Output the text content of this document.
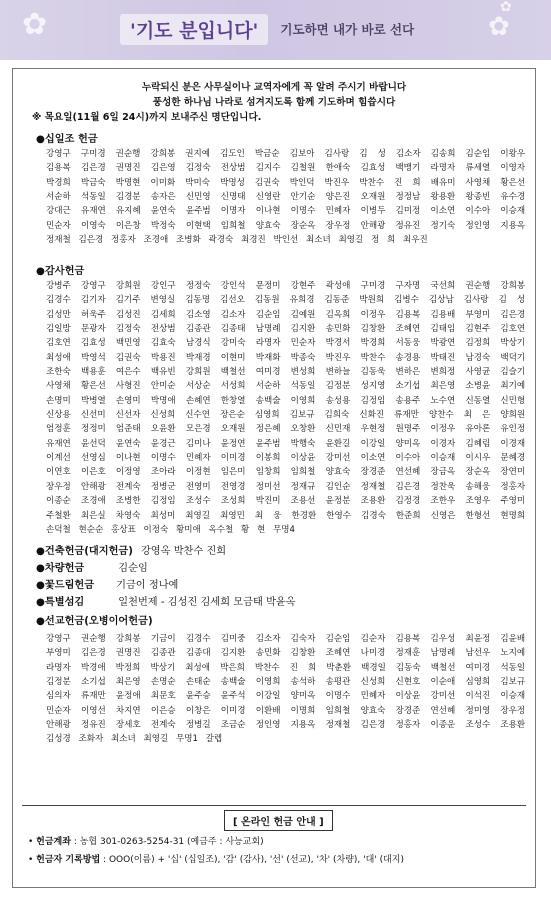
✿	✿
✿
'기도 분입니다'	기도하면 내가 바로 선다
누락되신 분은 사무실이나 교역자에게 꼭 알려 주시기 바랍니다
풍성한 하나님 나라로 섬겨지도록 함께 기도하며 힘씁시다
※ 목요일(11월 6일 24시)까지 보내주신 명단입니다.
●십일조 헌금
강영구 구미경 권순행 강희봉 권지예 김도인 박금순 김보아 김사랑 김 성 김소자 김송희 김순임 이왕우 김용복 김은경 권명진 김은영 김정숙 전상범 김지수 김철원 한애숙 김효성 백맹기 라명자 류세열 이영자 박경희 박금숙 박명현 이미화 박미숙 박명성 김권숙 박인덕 박진우 박찬수 진 희 배유미 사영채 황은선 서순하 석동일 김경분 송자은 신민영 신명태 신영란 안기순 양은진 오재원 정정남 왕용환 왕종빈 유수경 강대근 유재연 유지혜 윤연숙 윤주범 이명자 이나현 이명수 민혜자 이병두 김미정 이소연 이수아 이승재 민순자 이영숙 이은창 박정숙 이현택 임희철 양효숙 장순옥 장우정 안해광 정유진 정기숙 정인영 지용옥 정재철 김은경 정홍자 조경애 조병화 곽경숙 최경진 박인선 최소녀 최영길 정 희 최우진
●감사헌금
강병주 강영구 강희원 강인구 정정숙 강인석 문정미 강현주 곽성애 구미경 구자명 국선희 권순행 강희봉 김경수 김기자 김기주 변영실 김동명 김선오 김동원 유희경 김동준 박원희 김병수 김상남 김사랑 김 성 김성만 허욱주 김성진 김세희 김소영 김소자 김순임 김예원 김옥희 이정우 김용복 김용배 부영미 김은경 김일방 문광자 김정숙 전상범 김종관 김종태 남명례 김지환 송민화 김창환 조혜연 김태임 김현주 김호연 김호연 김효성 백민영 김효숙 남경식 강미숙 라명자 민순자 박경서 박경희 서동웅 박광연 김정희 박상기 최성애 박영석 김권숙 박용진 박재경 이현미 박재화 박종숙 박진우 박찬수 송경용 박태진 남경숙 백덕기 조한숙 백용훈 여은수 백유빈 강희원 백철선 여미경 변성희 변하늘 김동욱 변하은 변희정 사영균 김슬기 사영채 황은선 사형진 안미순 서상순 서성희 서순하 석동일 김정분 성지영 소기섭 최은영 소병윤 최기예 손명미 박병열 손영미 박명애 손혜연 한창열 송백술 이영희 송성용 김정임 송용주 노수연 신동열 신민형 신상용 신선미 신선자 신성희 신수연 장은순 심영희 김보규 김희숙 신화진 류재만 양찬수 최 은 양희원 엄정훈 정정미 엄준태 오윤환 모은경 오재원 정은혜 오창환 신민재 우현정 원명주 이정우 유아론 유인정 유재연 윤선덕 윤연숙 윤경근 김미나 윤정연 윤주범 박행숙 윤환길 이강일 양미옥 이경자 김혜림 이경재 이계선 선영심 이나현 이명수 민혜자 이미경 이봉희 이상윤 강미선 이소연 이수아 이승재 이시우 문혜경 이연호 이은호 이정영 조아라 이정현 임은미 임창희 임희철 양효숙 장경준 연선혜 장금옥 장순옥 장연미 장우정 안해광 전계숙 정병군 전영미 전영경 정미선 정재규 김인순 정재철 김은경 정찬욱 송해웅 정홍자 이종순 조경애 조병한 김정임 조성수 조성희 박진미 조용선 윤정분 조용환 김정경 조한우 조영우 주영미 주철환 최은실 차영숙 최성미 최영길 최영민 최 웅 한경환 한영수 김경숙 한준희 신영은 한형선 현명희 손덕철 현순순 홍상표 이정숙 황미애 옥수철 황 현 무명4
●건축헌금(대지헌금) 강영옥 박찬수 진희
●차량헌금	김순임
●꽃드림헌금 기금이 정나예
●특별섬김	일천번제 - 김성진 김세희 모금태 박윤옥
●선교헌금(오병이어헌금)
강영구 권순행 강희봉 기금이 김경수 김미중 김소자 김숙자 김순임 김순자 김용복 김우성 최윤정 김윤배 부영미 김은경 권명진 김종관 김종대 김지환 송민화 김창환 조혜연 나미경 정재훈 남명례 남선우 노지예 라명자 박경애 박정희 박상기 최성애 박은희 박찬수 진 희 박춘환 백경일 김동숙 백철선 여미경 석동일 김정분 소기섭 최은영 손명순 손태순 송백술 이영희 송석하 송평관 신성희 신현호 이순애 심영희 김보규 심의자 류재만 윤정애 최문호 윤주승 윤주석 이강일 양미옥 이명수 민혜자 이상윤 강미선 이석진 이승재 민순자 이영선 차지연 이은승 이창은 이미경 이환배 이명희 임희철 양효숙 장경준 연선혜 정미영 장우정 안해광 정유진 장세호 전계숙 정병길 조금순 정인영 지용옥 정재철 김은경 정홍자 이종운 조성수 조용환 김성경 조화자 최소녀 최영길 무명1 갈렙
[ 온라인 헌금 안내 ]
• 헌금계좌 : 농협 301-0263-5254-31 (예금주 : 사능교회)
• 헌금자 기록방법 : OOO(이름) + '십' (십일조), '감' (감사), '선' (선교), '차' (차량), '대' (대지)
